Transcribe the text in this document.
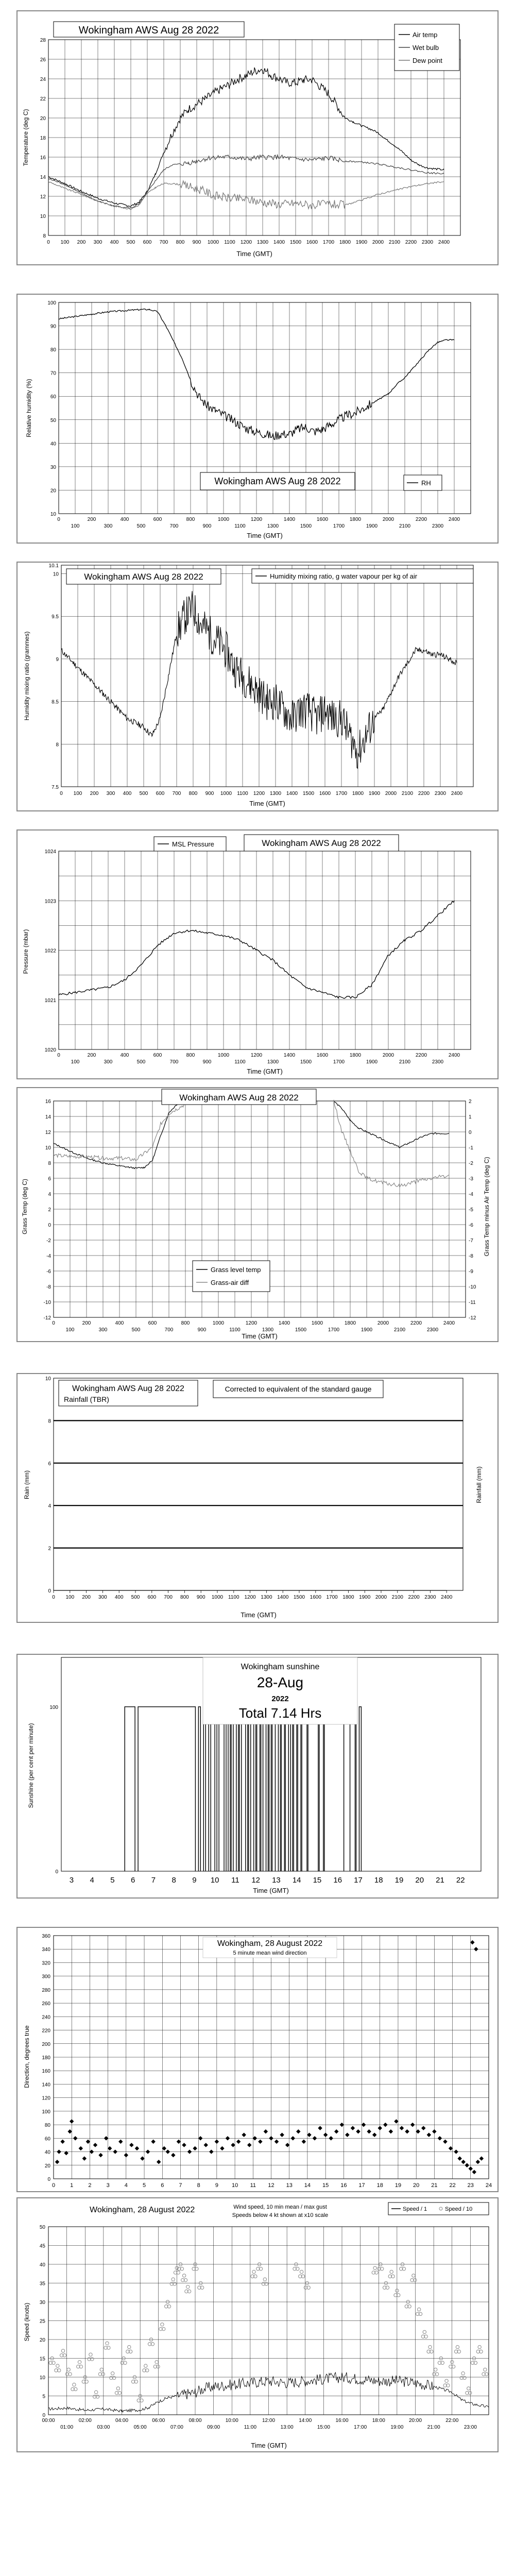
0 100 200 300 400 500 600 700 800 900 1000 1100 1200 1300 1400 1500 1600 1700 1800 1900 2000 2100 2200 2300 2400
8
10
12
14
16
18
20
22
24
26
28
Wokingham AWS Aug 28 2022	Air temp
Wet bulb
Dew point
Time (GMT)
Temperature (deg C)
0	200	400	600	800	1000	1200	1400	1600	1800	2000	2200	2400
100	300	500	700	900	1100	1300	1500	1700	1900	2100	2300
10
20
30
40
50
60
70
80
90
100
Wokingham AWS Aug 28 2022	RH
Time (GMT)
Relative humidity (%)
0 100 200 300 400 500 600 700 800 900 1000 1100 1200 1300 1400 1500 1600 1700 1800 1900 2000 2100 2200 2300 2400
7.5
8
8.5
9
9.5
10
10.1
Wokingham AWS Aug 28 2022	Humidity mixing ratio, g water vapour per kg of air
Time (GMT)
Humidity mixing ratio (grammes)
0	200	400	600	800	1000	1200	1400	1600	1800	2000	2200	2400
100	300	500	700	900	1100	1300	1500	1700	1900	2100	2300
1020
1021
1022
1023
1024
MSL Pressure	Wokingham AWS Aug 28 2022
Time (GMT)
Pressure (mbar)
0	200	400	600	800	1000	1200	1400	1600	1800	2000	2200	2400
100	300	500	700	900	1100	1300	1500	1700	1900	2100	2300
-12
-10
-8
-6
-4
-2
0
2
4
6
8
10
12
14
16
-12
-11
-10
-9
-8
-7
-6
-5
-4
-3
-2
-1
0
1
2
Wokingham AWS Aug 28 2022
Grass level temp
Grass-air diff
Time (GMT)
Grass Temp (deg C)	Grass Temp minus Air Temp (deg C)
0 100 200 300 400 500 600 700 800 900 1000 1100 1200 1300 1400 1500 1600 1700 1800 1900 2000 2100 2200 2300 2400
0
2
4
6
8
10
Wokingham AWS Aug 28 2022
Rainfall (TBR)
Corrected to equivalent of the standard gauge
Time (GMT)
Rain (mm)	Rainfall (mm)
3 4 5 6 7 8 9 10 11 12 13 14 15 16 17 18 19 20 21 22
0
100
Wokingham sunshine
28-Aug
2022
Total 7.14 Hrs
Time (GMT)
Sunshine (per cent per minute)
0	1	2	3	4	5	6	7	8	9 10 11 12 13 14 15 16 17 18 19 20 21 22 23 24
0
20
40
60
80
100
120
140
160
180
200
220
240
260
280
300
320
340
360
Wokingham, 28 August 2022
5 minute mean wind direction
Direction, degrees true
00:00	02:00	04:00	06:00	08:00	10:00	12:00	14:00	16:00	18:00	20:00	22:00
01:00	03:00	05:00	07:00	09:00	11:00	13:00	15:00	17:00	19:00	21:00	23:00
0
5
10
15
20
25
30
35
40
45
50
Wokingham, 28 August 2022	Wind speed, 10 min mean / max gust
Speeds below 4 kt shown at x10 scale
Speed / 1	Speed / 10
Time (GMT)
Speed (knots)
